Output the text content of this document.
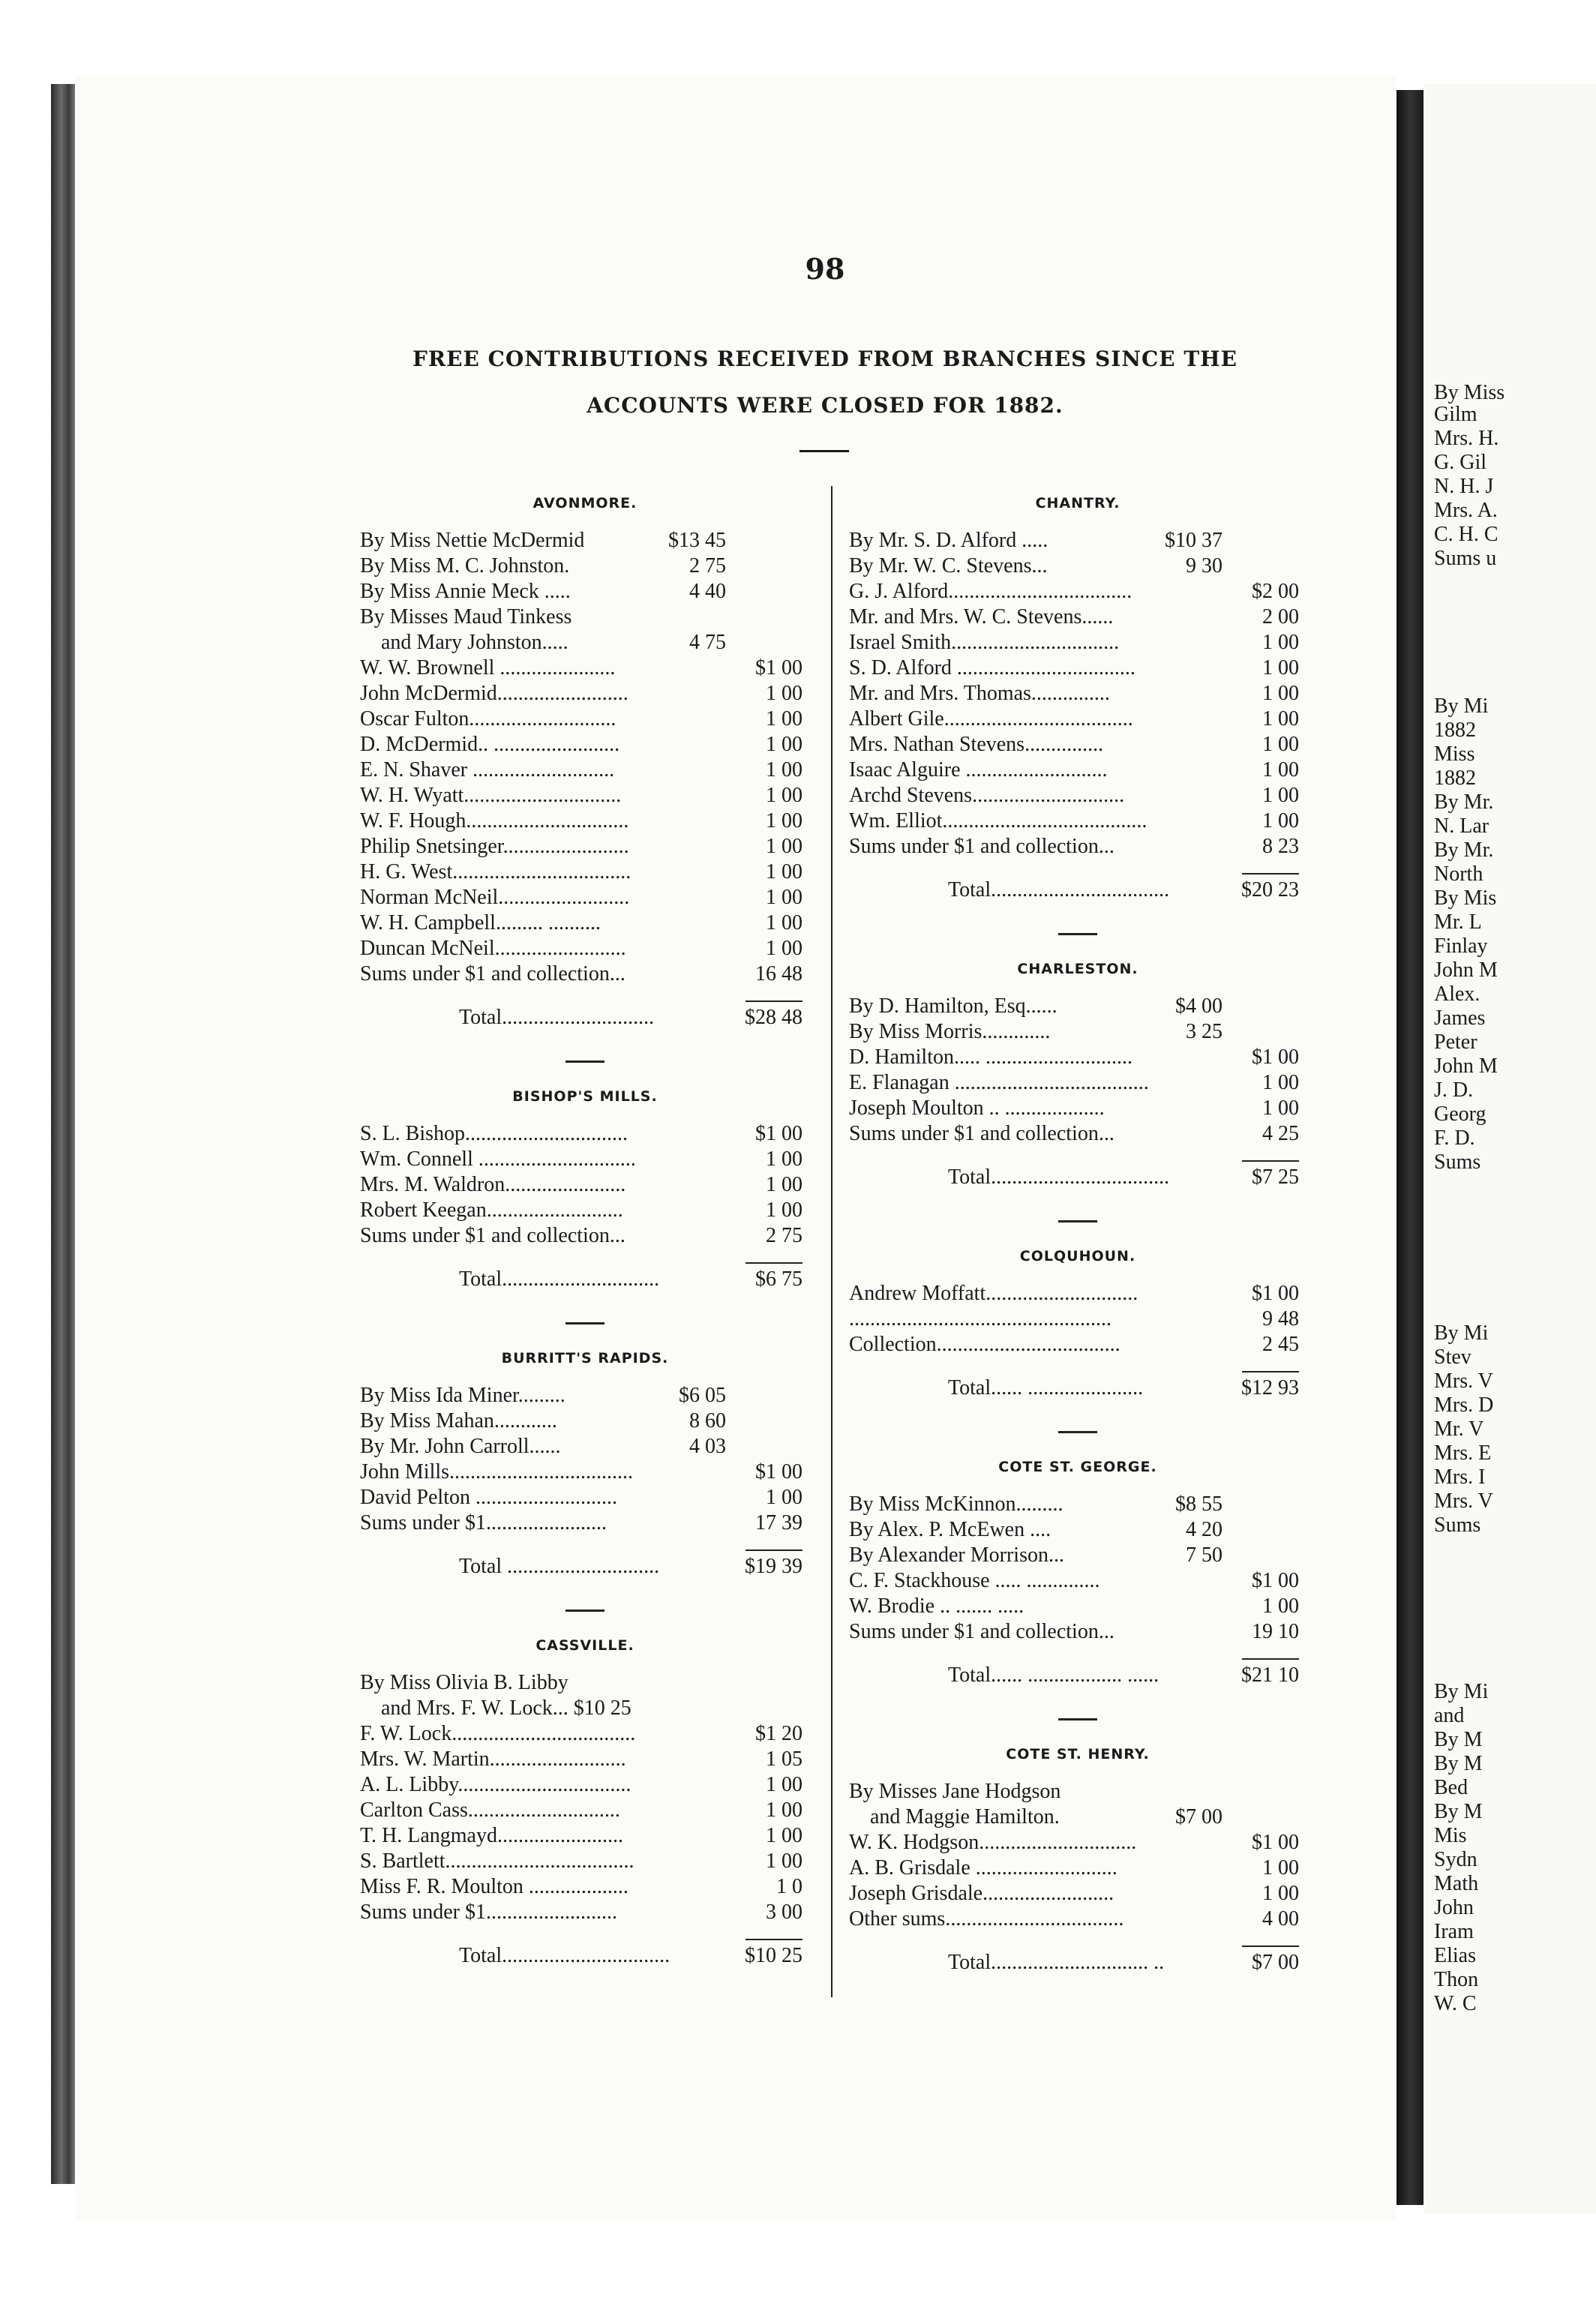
By Miss
Gilm
Mrs. H.
G. Gil
N. H. J
Mrs. A.
C. H. C
Sums u
By Mi
1882
Miss
1882
By Mr.
N. Lar
By Mr.
North
By Mis
Mr. L
Finlay
John M
Alex.
James
Peter
John M
J. D.
Georg
F. D.
Sums
By Mi
Stev
Mrs. V
Mrs. D
Mr. V
Mrs. E
Mrs. I
Mrs. V
Sums
By Mi
and
By M
By M
Bed
By M
Mis
Sydn
Math
John
Iram
Elias
Thon
W. C
98
FREE CONTRIBUTIONS RECEIVED FROM BRANCHES SINCE THE
ACCOUNTS WERE CLOSED FOR 1882.
AVONMORE.
By Miss Nettie McDermid	$13 45
By Miss M. C. Johnston.	2 75
By Miss Annie Meck .....	4 40
By Misses Maud Tinkess
and Mary Johnston.....	4 75
W. W. Brownell ......................	$1 00
John McDermid.........................	1 00
Oscar Fulton............................	1 00
D. McDermid.. ........................	1 00
E. N. Shaver ...........................	1 00
W. H. Wyatt..............................	1 00
W. F. Hough...............................	1 00
Philip Snetsinger........................	1 00
H. G. West..................................	1 00
Norman McNeil.........................	1 00
W. H. Campbell......... ..........	1 00
Duncan McNeil.........................	1 00
Sums under $1 and collection...	16 48
Total.............................	$28 48
BISHOP'S MILLS.
S. L. Bishop...............................	$1 00
Wm. Connell ..............................	1 00
Mrs. M. Waldron.......................	1 00
Robert Keegan..........................	1 00
Sums under $1 and collection...	2 75
Total..............................	$6 75
BURRITT'S RAPIDS.
By Miss Ida Miner.........	$6 05
By Miss Mahan............	8 60
By Mr. John Carroll......	4 03
John Mills...................................	$1 00
David Pelton ...........................	1 00
Sums under $1.......................	17 39
Total .............................	$19 39
CASSVILLE.
By Miss Olivia B. Libby
and Mrs. F. W. Lock... $10 25
F. W. Lock...................................	$1 20
Mrs. W. Martin..........................	1 05
A. L. Libby.................................	1 00
Carlton Cass.............................	1 00
T. H. Langmayd........................	1 00
S. Bartlett....................................	1 00
Miss F. R. Moulton ...................	1 0
Sums under $1.........................	3 00
Total................................	$10 25
CHANTRY.
By Mr. S. D. Alford .....	$10 37
By Mr. W. C. Stevens...	9 30
G. J. Alford...................................	$2 00
Mr. and Mrs. W. C. Stevens......	2 00
Israel Smith................................	1 00
S. D. Alford ..................................	1 00
Mr. and Mrs. Thomas...............	1 00
Albert Gile....................................	1 00
Mrs. Nathan Stevens...............	1 00
Isaac Alguire ...........................	1 00
Archd Stevens.............................	1 00
Wm. Elliot.......................................	1 00
Sums under $1 and collection...	8 23
Total..................................	$20 23
CHARLESTON.
By D. Hamilton, Esq......	$4 00
By Miss Morris.............	3 25
D. Hamilton..... ............................	$1 00
E. Flanagan .....................................	1 00
Joseph Moulton .. ...................	1 00
Sums under $1 and collection...	4 25
Total..................................	$7 25
COLQUHOUN.
Andrew Moffatt.............................	$1 00
..................................................	9 48
Collection...................................	2 45
Total...... ......................	$12 93
COTE ST. GEORGE.
By Miss McKinnon.........	$8 55
By Alex. P. McEwen ....	4 20
By Alexander Morrison...	7 50
C. F. Stackhouse ..... ..............	$1 00
W. Brodie .. ....... .....	1 00
Sums under $1 and collection...	19 10
Total...... .................. ......	$21 10
COTE ST. HENRY.
By Misses Jane Hodgson
and Maggie Hamilton.	$7 00
W. K. Hodgson..............................	$1 00
A. B. Grisdale ...........................	1 00
Joseph Grisdale.........................	1 00
Other sums..................................	4 00
Total.............................. ..	$7 00
